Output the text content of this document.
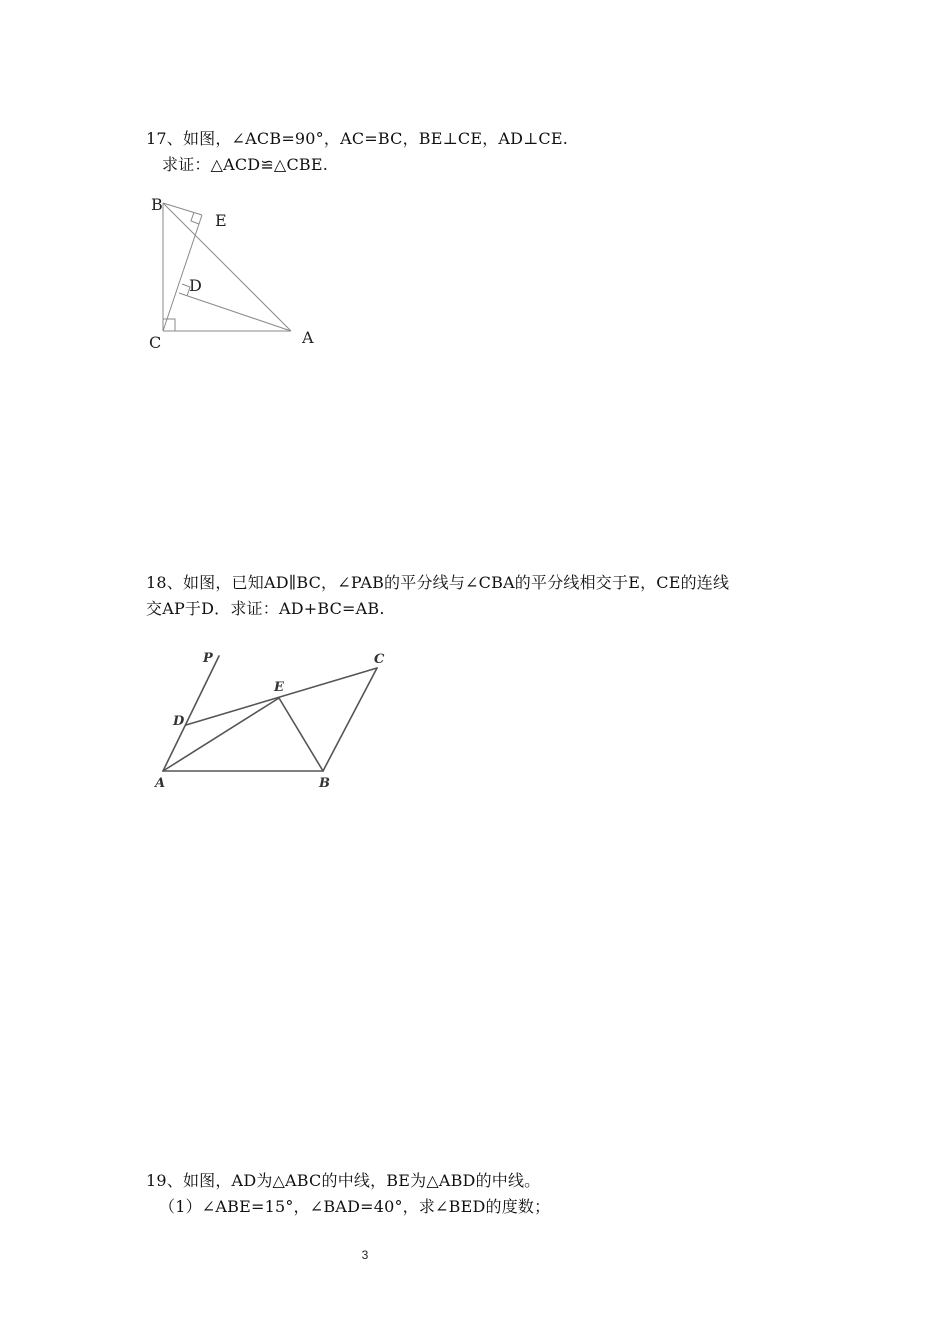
17、如图，∠ACB=90°，AC=BC，BE⊥CE，AD⊥CE.
求证：△ACD≌△CBE.
B
E
D
C	A
18、如图，已知AD∥BC，∠PAB的平分线与∠CBA的平分线相交于E，CE的连线
交AP于D．求证：AD+BC=AB.
P	C
E
D
A	B
19、如图，AD为△ABC的中线，BE为△ABD的中线。
（1）∠ABE=15°，∠BAD=40°，求∠BED的度数；
3
